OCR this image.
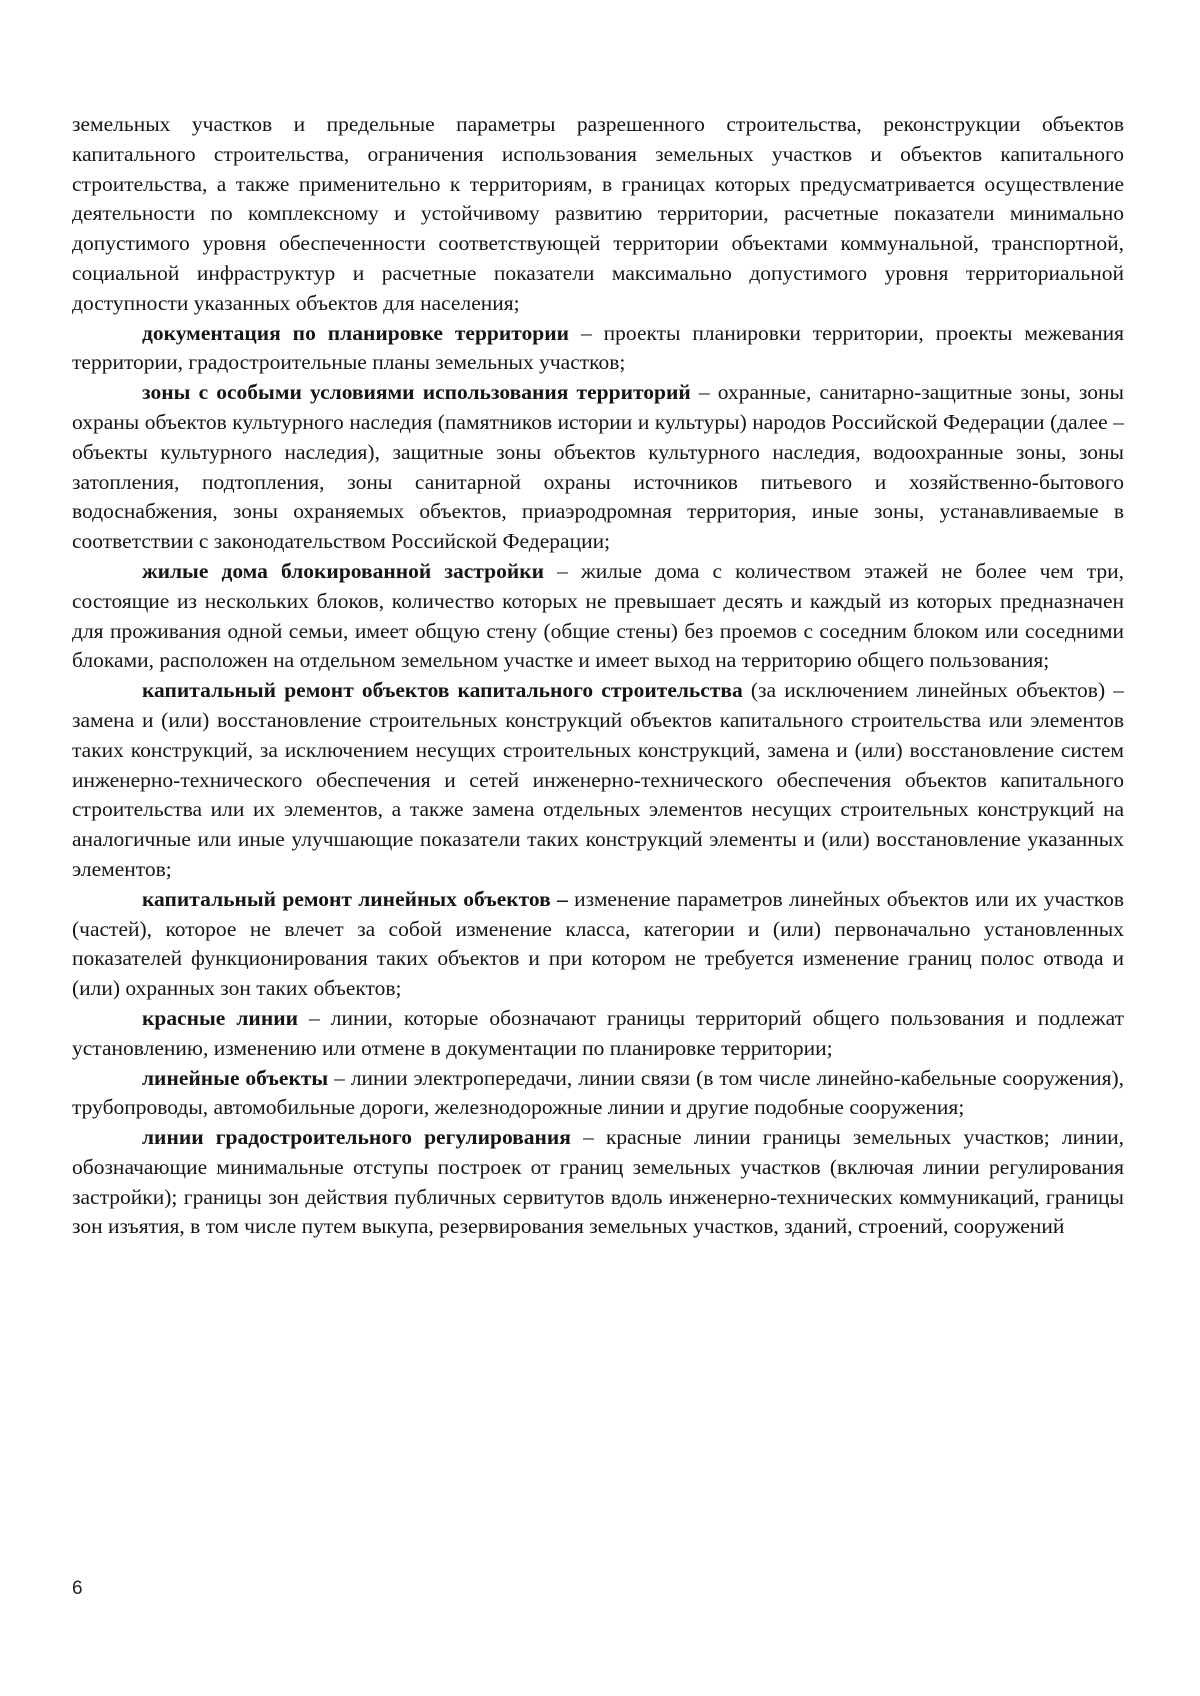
земельных участков и предельные параметры разрешенного строительства, реконструкции объектов капитального строительства, ограничения использования земельных участков и объектов капитального строительства, а также применительно к территориям, в границах которых предусматривается осуществление деятельности по комплексному и устойчивому развитию территории, расчетные показатели минимально допустимого уровня обеспеченности соответствующей территории объектами коммунальной, транспортной, социальной инфраструктур и расчетные показатели максимально допустимого уровня территориальной доступности указанных объектов для населения;

документация по планировке территории – проекты планировки территории, проекты межевания территории, градостроительные планы земельных участков;

зоны с особыми условиями использования территорий – охранные, санитарно-защитные зоны, зоны охраны объектов культурного наследия (памятников истории и культуры) народов Российской Федерации (далее – объекты культурного наследия), защитные зоны объектов культурного наследия, водоохранные зоны, зоны затопления, подтопления, зоны санитарной охраны источников питьевого и хозяйственно-бытового водоснабжения, зоны охраняемых объектов, приаэродромная территория, иные зоны, устанавливаемые в соответствии с законодательством Российской Федерации;

жилые дома блокированной застройки – жилые дома с количеством этажей не более чем три, состоящие из нескольких блоков, количество которых не превышает десять и каждый из которых предназначен для проживания одной семьи, имеет общую стену (общие стены) без проемов с соседним блоком или соседними блоками, расположен на отдельном земельном участке и имеет выход на территорию общего пользования;

капитальный ремонт объектов капитального строительства (за исключением линейных объектов) – замена и (или) восстановление строительных конструкций объектов капитального строительства или элементов таких конструкций, за исключением несущих строительных конструкций, замена и (или) восстановление систем инженерно-технического обеспечения и сетей инженерно-технического обеспечения объектов капитального строительства или их элементов, а также замена отдельных элементов несущих строительных конструкций на аналогичные или иные улучшающие показатели таких конструкций элементы и (или) восстановление указанных элементов;

капитальный ремонт линейных объектов – изменение параметров линейных объектов или их участков (частей), которое не влечет за собой изменение класса, категории и (или) первоначально установленных показателей функционирования таких объектов и при котором не требуется изменение границ полос отвода и (или) охранных зон таких объектов;

красные линии – линии, которые обозначают границы территорий общего пользования и подлежат установлению, изменению или отмене в документации по планировке территории;

линейные объекты – линии электропередачи, линии связи (в том числе линейно-кабельные сооружения), трубопроводы, автомобильные дороги, железнодорожные линии и другие подобные сооружения;

линии градостроительного регулирования – красные линии границы земельных участков; линии, обозначающие минимальные отступы построек от границ земельных участков (включая линии регулирования застройки); границы зон действия публичных сервитутов вдоль инженерно-технических коммуникаций, границы зон изъятия, в том числе путем выкупа, резервирования земельных участков, зданий, строений, сооружений

6
